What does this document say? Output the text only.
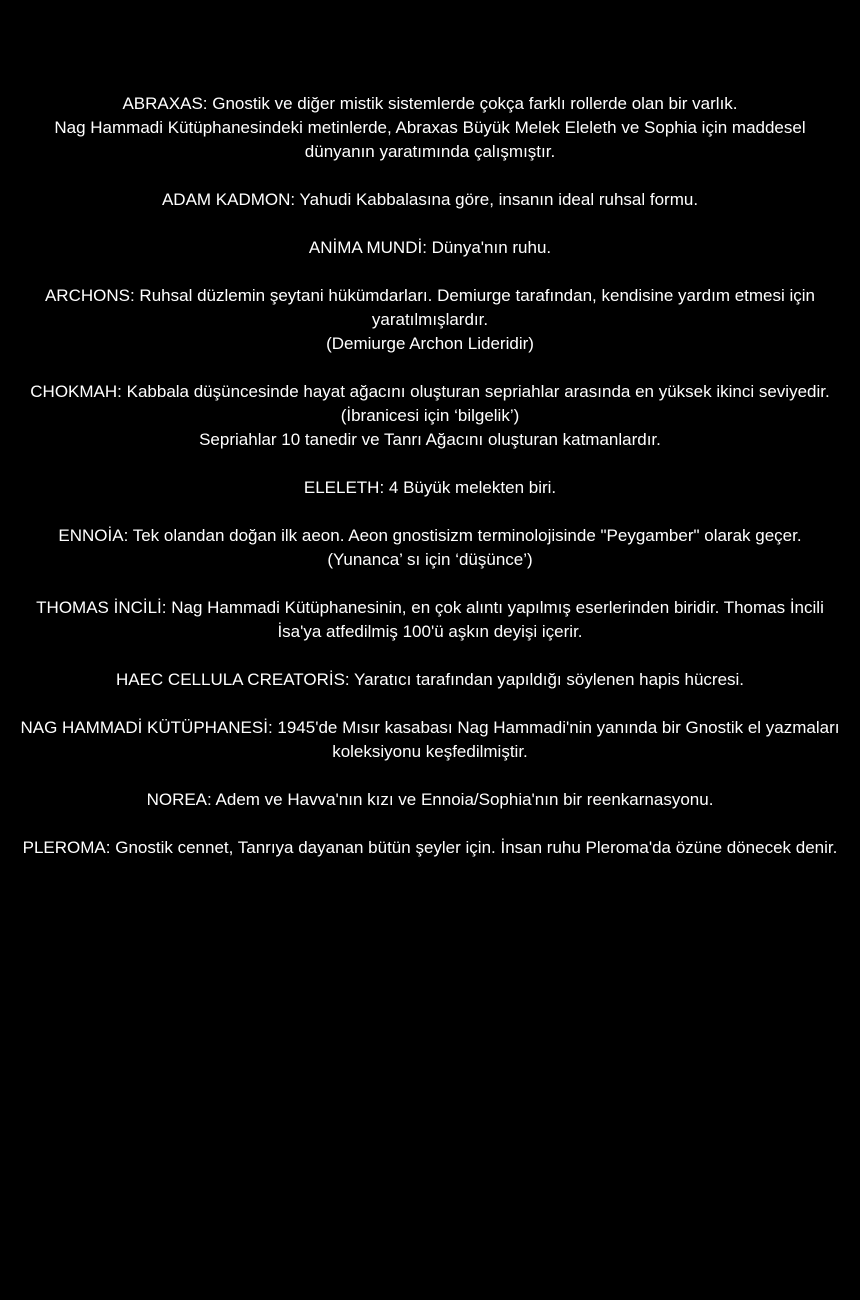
ABRAXAS: Gnostik ve diğer mistik sistemlerde çokça farklı rollerde olan bir varlık.

Nag Hammadi Kütüphanesindeki metinlerde, Abraxas Büyük Melek Eleleth ve Sophia için maddesel dünyanın yaratımında çalışmıştır.

ADAM KADMON: Yahudi Kabbalasına göre, insanın ideal ruhsal formu.

ANİMA MUNDİ: Dünya'nın ruhu.

ARCHONS: Ruhsal düzlemin şeytani hükümdarları. Demiurge tarafından, kendisine yardım etmesi için yaratılmışlardır.

(Demiurge Archon Lideridir)

CHOKMAH: Kabbala düşüncesinde hayat ağacını oluşturan sepriahlar arasında en yüksek ikinci seviyedir. (İbranicesi için ‘bilgelik’)

Sepriahlar 10 tanedir ve Tanrı Ağacını oluşturan katmanlardır.

ELELETH: 4 Büyük melekten biri.

ENNOİA: Tek olandan doğan ilk aeon. Aeon gnostisizm terminolojisinde "Peygamber" olarak geçer. (Yunanca’ sı için ‘düşünce’)

THOMAS İNCİLİ: Nag Hammadi Kütüphanesinin, en çok alıntı yapılmış eserlerinden biridir. Thomas İncili İsa'ya atfedilmiş 100'ü aşkın deyişi içerir.

HAEC CELLULA CREATORİS: Yaratıcı tarafından yapıldığı söylenen hapis hücresi.

NAG HAMMADİ KÜTÜPHANESİ: 1945'de Mısır kasabası Nag Hammadi'nin yanında bir Gnostik el yazmaları koleksiyonu keşfedilmiştir.

NOREA: Adem ve Havva'nın kızı ve Ennoia/Sophia'nın bir reenkarnasyonu.

PLEROMA: Gnostik cennet, Tanrıya dayanan bütün şeyler için. İnsan ruhu Pleroma'da özüne dönecek denir.
